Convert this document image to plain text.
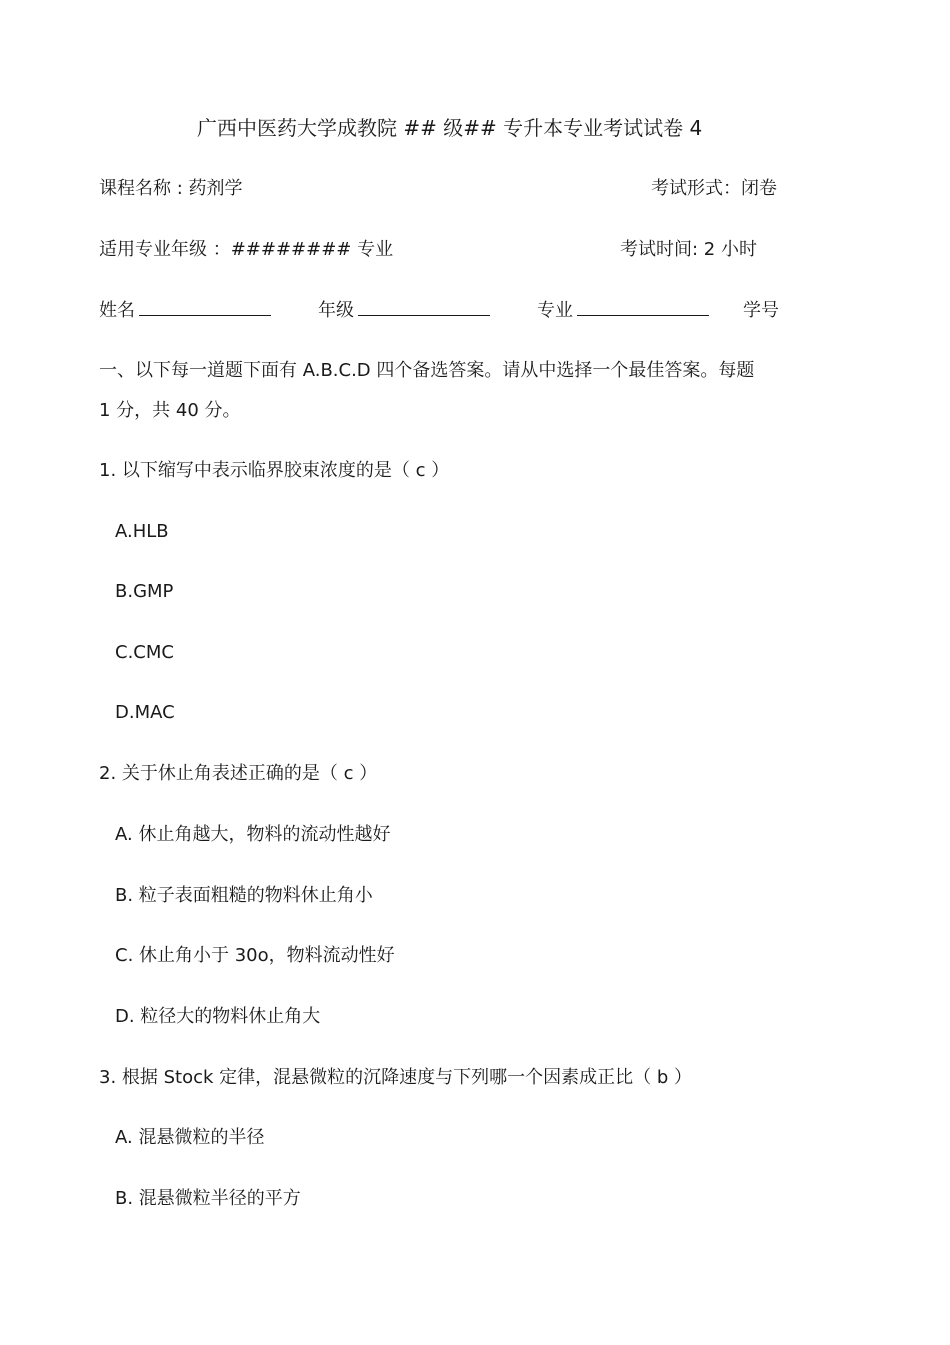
广西中医药大学成教院 ## 级## 专升本专业考试试卷 4
课程名称 : 药剂学	考试形式：闭卷
适用专业年级 ：######## 专业	考试时间: 2 小时
姓名	年级	专业	学号
一、以下每一道题下面有 A.B.C.D 四个备选答案。请从中选择一个最佳答案。每题
1 分，共 40 分。
1. 以下缩写中表示临界胶束浓度的是（ c ）
A.HLB
B.GMP
C.CMC
D.MAC
2. 关于休止角表述正确的是（ c ）
A. 休止角越大，物料的流动性越好
B. 粒子表面粗糙的物料休止角小
C. 休止角小于 30o，物料流动性好
D. 粒径大的物料休止角大
3. 根据 Stock 定律，混悬微粒的沉降速度与下列哪一个因素成正比（ b ）
A. 混悬微粒的半径
B. 混悬微粒半径的平方
